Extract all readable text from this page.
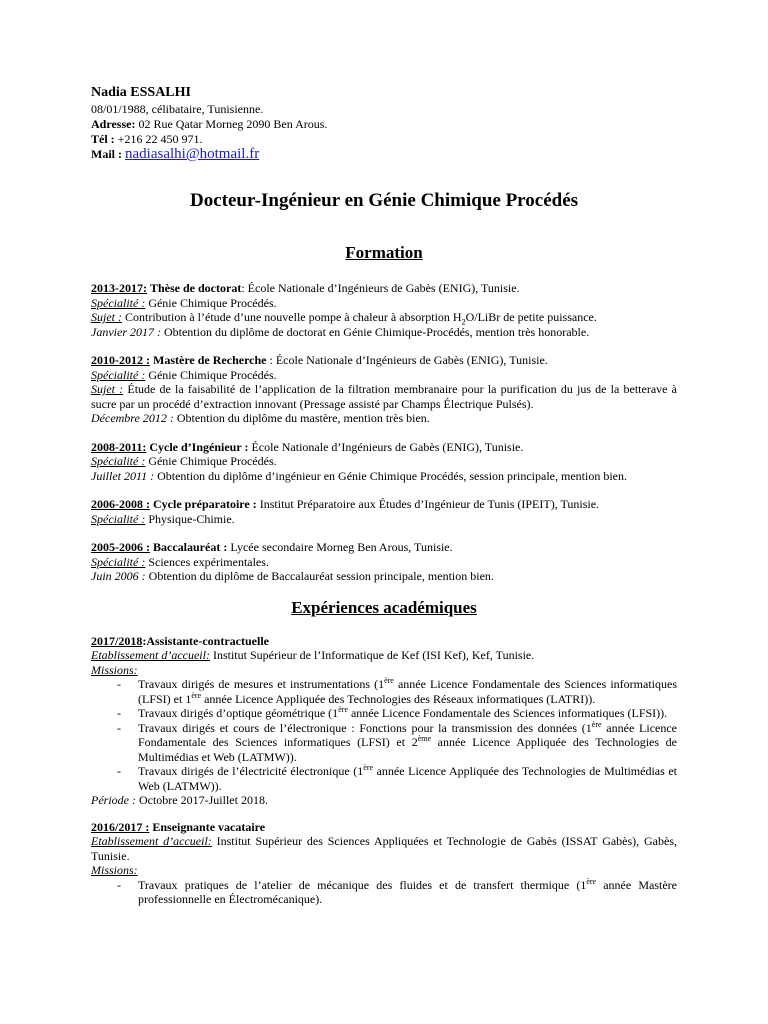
Nadia ESSALHI
08/01/1988, célibataire, Tunisienne.
Adresse: 02 Rue Qatar Morneg 2090 Ben Arous.
Tél : +216 22 450 971.
Mail : nadiasalhi@hotmail.fr
Docteur-Ingénieur en Génie Chimique Procédés
Formation

2013-2017: Thèse de doctorat: École Nationale d’Ingénieurs de Gabès (ENIG), Tunisie.

Spécialité : Génie Chimique Procédés.

Sujet : Contribution à l’étude d’une nouvelle pompe à chaleur à absorption $H_2O$/LiBr de petite puissance.

Janvier 2017 : Obtention du diplôme de doctorat en Génie Chimique-Procédés, mention très honorable.

2010-2012 : Mastère de Recherche : École Nationale d’Ingénieurs de Gabès (ENIG), Tunisie.

Spécialité : Génie Chimique Procédés.

Sujet : Étude de la faisabilité de l’application de la filtration membranaire pour la purification du jus de la betterave à sucre par un procédé d’extraction innovant (Pressage assisté par Champs Électrique Pulsés).

Décembre 2012 : Obtention du diplôme du mastère, mention très bien.

2008-2011: Cycle d’Ingénieur : École Nationale d’Ingénieurs de Gabès (ENIG), Tunisie.

Spécialité : Génie Chimique Procédés.

Juillet 2011 : Obtention du diplôme d’ingénieur en Génie Chimique Procédés, session principale, mention bien.

2006-2008 : Cycle préparatoire : Institut Préparatoire aux Études d’Ingénieur de Tunis (IPEIT), Tunisie.

Spécialité : Physique-Chimie.

2005-2006 : Baccalauréat : Lycée secondaire Morneg Ben Arous, Tunisie.

Spécialité : Sciences expérimentales.

Juin 2006 : Obtention du diplôme de Baccalauréat session principale, mention bien.

Expériences académiques

2017/2018:Assistante-contractuelle

Etablissement d’accueil: Institut Supérieur de l’Informatique de Kef (ISI Kef), Kef, Tunisie.

Missions:

- Travaux dirigés de mesures et instrumentations (1ère année Licence Fondamentale des Sciences informatiques (LFSI) et 1ère année Licence Appliquée des Technologies des Réseaux informatiques (LATRI)).
- Travaux dirigés d’optique géométrique (1ère année Licence Fondamentale des Sciences informatiques (LFSI)).
- Travaux dirigés et cours de l’électronique : Fonctions pour la transmission des données (1ère année Licence Fondamentale des Sciences informatiques (LFSI) et 2ème année Licence Appliquée des Technologies de Multimédias et Web (LATMW)).
- Travaux dirigés de l’électricité électronique (1ère année Licence Appliquée des Technologies de Multimédias et Web (LATMW)).

Période : Octobre 2017-Juillet 2018.

2016/2017 : Enseignante vacataire

Etablissement d’accueil: Institut Supérieur des Sciences Appliquées et Technologie de Gabès (ISSAT Gabès), Gabès, Tunisie.

Missions:

- Travaux pratiques de l’atelier de mécanique des fluides et de transfert thermique (1ère année Mastère professionnelle en Électromécanique).
